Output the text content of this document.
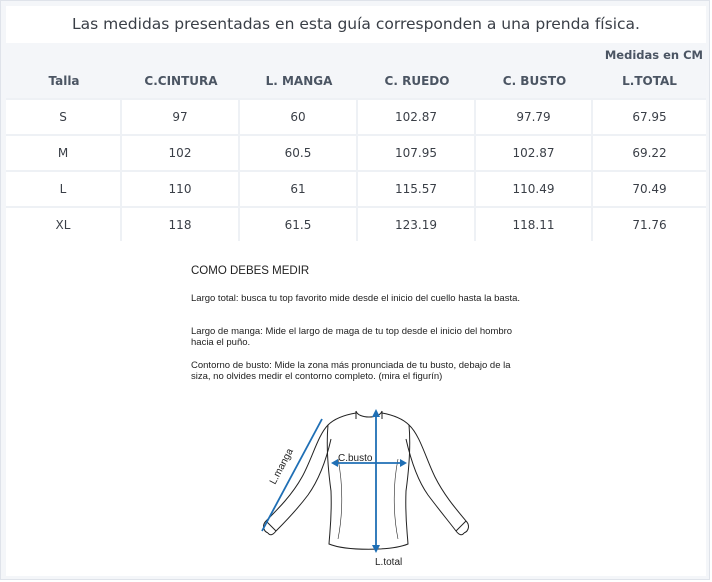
Las medidas presentadas en esta guía corresponden a una prenda física.
Medidas en CM
Talla	C.CINTURA	L. MANGA	C. RUEDO	C. BUSTO	L.TOTAL
S	97	60	102.87	97.79	67.95
M	102	60.5	107.95	102.87	69.22
L	110	61	115.57	110.49	70.49
XL	118	61.5	123.19	118.11	71.76
COMO DEBES MEDIR
Largo total: busca tu top favorito mide desde el inicio del cuello hasta la basta.
Largo de manga: Mide el largo de maga de tu top desde el inicio del hombro hacia el puño.
Contorno de busto: Mide la zona más pronunciada de tu busto, debajo de la siza, no olvides medir el contorno completo. (mira el figurín)
L.manga	C.busto
L.total
